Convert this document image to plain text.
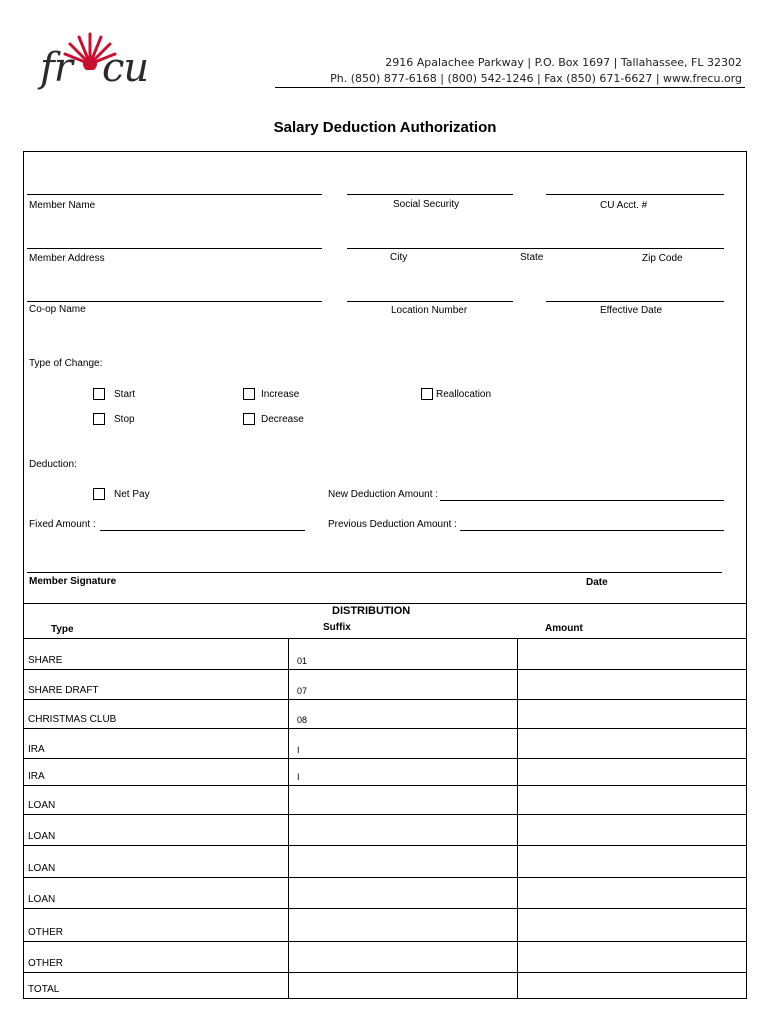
fr cu	2916 Apalachee Parkway | P.O. Box 1697 | Tallahassee, FL 32302
Ph. (850) 877-6168 | (800) 542-1246 | Fax (850) 671-6627 | www.frecu.org
Salary Deduction Authorization
Member Name	Social Security	CU Acct. #
Member Address	City	State	Zip Code
Co-op Name	Location Number	Effective Date
Type of Change:
Start
Stop
Increase
Decrease
Reallocation
Deduction:
Net Pay	New Deduction Amount :
Fixed Amount :	Previous Deduction Amount :
Member Signature	Date
DISTRIBUTION
Type	Suffix	Amount
SHARE	01
SHARE DRAFT	07
CHRISTMAS CLUB	08
IRA	I
IRA	I
LOAN
LOAN
LOAN
LOAN
OTHER
OTHER
TOTAL
